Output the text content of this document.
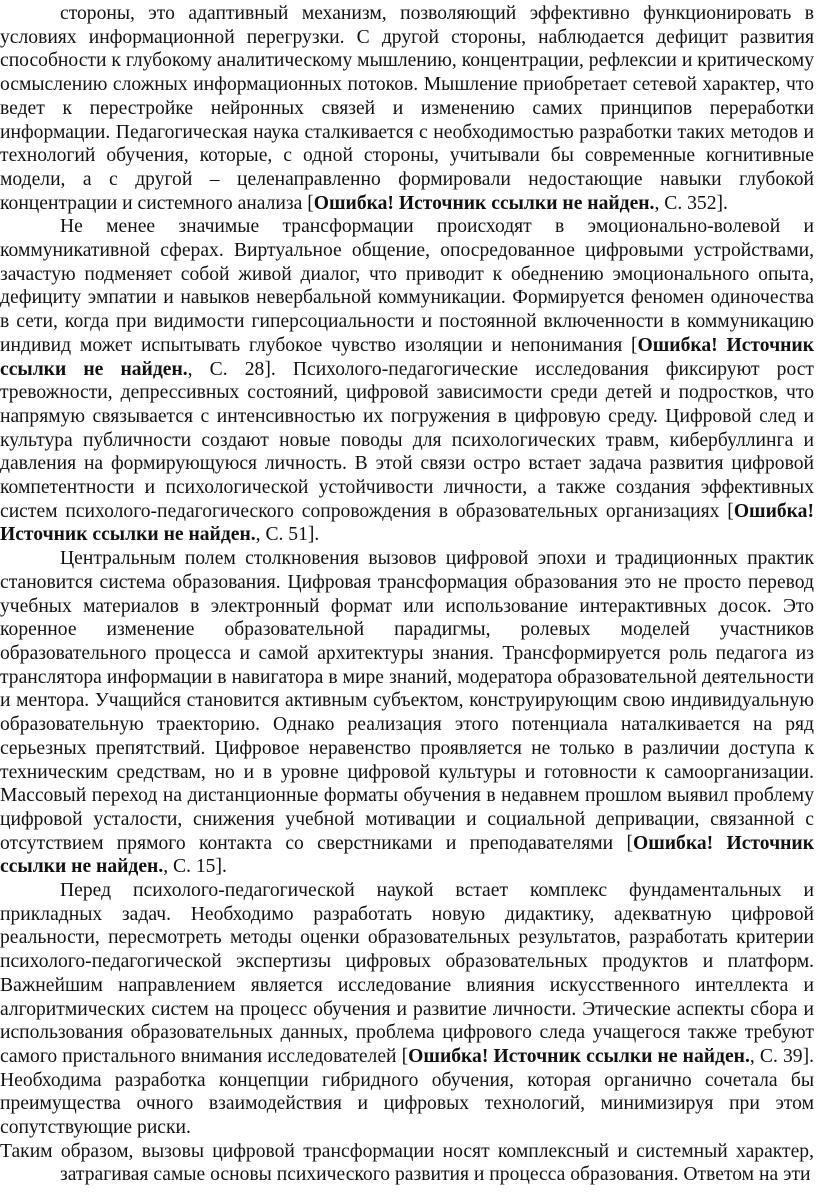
стороны, это адаптивный механизм, позволяющий эффективно функционировать в условиях информационной перегрузки. С другой стороны, наблюдается дефицит развития способности к глубокому аналитическому мышлению, концентрации, рефлексии и критическому осмыслению сложных информационных потоков. Мышление приобретает сетевой характер, что ведет к перестройке нейронных связей и изменению самих принципов переработки информации. Педагогическая наука сталкивается с необходимостью разработки таких методов и технологий обучения, которые, с одной стороны, учитывали бы современные когнитивные модели, а с другой – целенаправленно формировали недостающие навыки глубокой концентрации и системного анализа [Ошибка! Источник ссылки не найден., С. 352].

Не менее значимые трансформации происходят в эмоционально-волевой и коммуникативной сферах. Виртуальное общение, опосредованное цифровыми устройствами, зачастую подменяет собой живой диалог, что приводит к обеднению эмоционального опыта, дефициту эмпатии и навыков невербальной коммуникации. Формируется феномен одиночества в сети, когда при видимости гиперсоциальности и постоянной включенности в коммуникацию индивид может испытывать глубокое чувство изоляции и непонимания [Ошибка! Источник ссылки не найден., С. 28]. Психолого-педагогические исследования фиксируют рост тревожности, депрессивных состояний, цифровой зависимости среди детей и подростков, что напрямую связывается с интенсивностью их погружения в цифровую среду. Цифровой след и культура публичности создают новые поводы для психологических травм, кибербуллинга и давления на формирующуюся личность. В этой связи остро встает задача развития цифровой компетентности и психологической устойчивости личности, а также создания эффективных систем психолого-педагогического сопровождения в образовательных организациях [Ошибка! Источник ссылки не найден., С. 51].

Центральным полем столкновения вызовов цифровой эпохи и традиционных практик становится система образования. Цифровая трансформация образования это не просто перевод учебных материалов в электронный формат или использование интерактивных досок. Это коренное изменение образовательной парадигмы, ролевых моделей участников образовательного процесса и самой архитектуры знания. Трансформируется роль педагога из транслятора информации в навигатора в мире знаний, модератора образовательной деятельности и ментора. Учащийся становится активным субъектом, конструирующим свою индивидуальную образовательную траекторию. Однако реализация этого потенциала наталкивается на ряд серьезных препятствий. Цифровое неравенство проявляется не только в различии доступа к техническим средствам, но и в уровне цифровой культуры и готовности к самоорганизации. Массовый переход на дистанционные форматы обучения в недавнем прошлом выявил проблему цифровой усталости, снижения учебной мотивации и социальной депривации, связанной с отсутствием прямого контакта со сверстниками и преподавателями [Ошибка! Источник ссылки не найден., С. 15].

Перед психолого-педагогической наукой встает комплекс фундаментальных и прикладных задач. Необходимо разработать новую дидактику, адекватную цифровой реальности, пересмотреть методы оценки образовательных результатов, разработать критерии психолого-педагогической экспертизы цифровых образовательных продуктов и платформ. Важнейшим направлением является исследование влияния искусственного интеллекта и алгоритмических систем на процесс обучения и развитие личности. Этические аспекты сбора и использования образовательных данных, проблема цифрового следа учащегося также требуют самого пристального внимания исследователей [Ошибка! Источник ссылки не найден., С. 39]. Необходима разработка концепции гибридного обучения, которая органично сочетала бы преимущества очного взаимодействия и цифровых технологий, минимизируя при этом сопутствующие риски.

Таким образом, вызовы цифровой трансформации носят комплексный и системный характер, затрагивая самые основы психического развития и процесса образования. Ответом на эти
